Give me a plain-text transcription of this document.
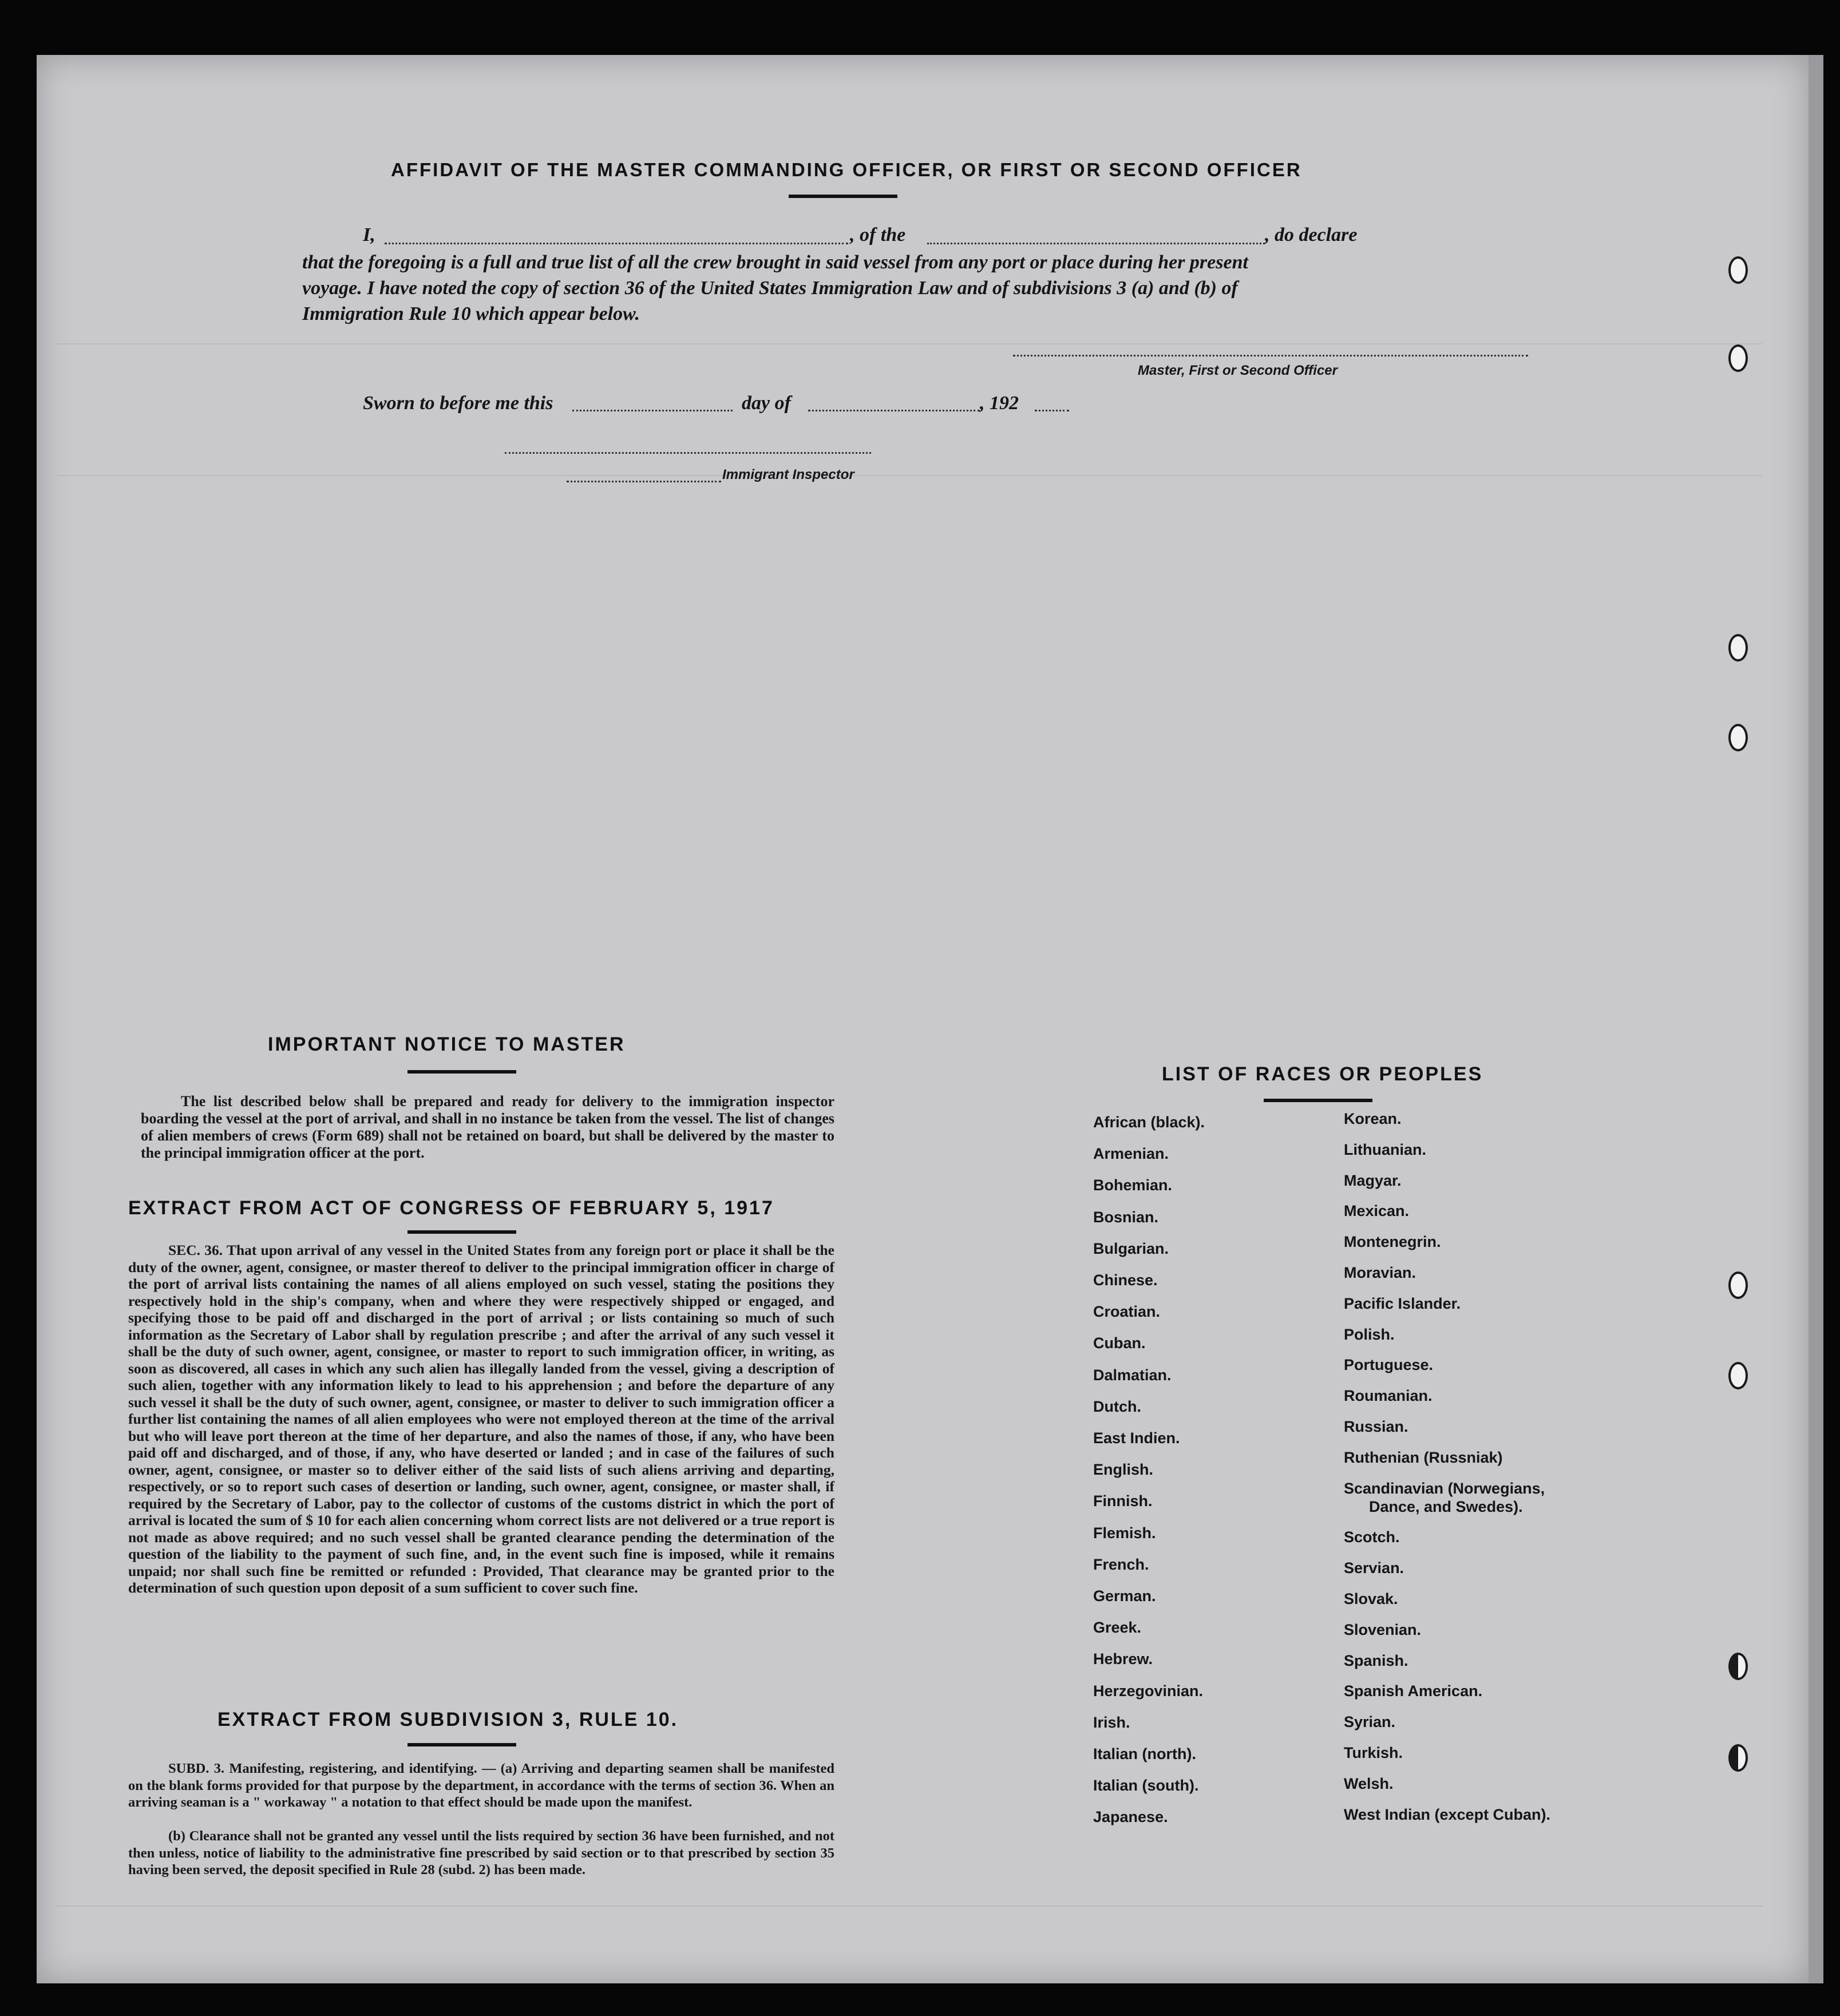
AFFIDAVIT OF THE MASTER COMMANDING OFFICER, OR FIRST OR SECOND OFFICER
I,	, of the	, do declare
that the foregoing is a full and true list of all the crew brought in said vessel from any port or place during her present
voyage. I have noted the copy of section 36 of the United States Immigration Law and of subdivisions 3 (a) and (b) of
Immigration Rule 10 which appear below.
Master, First or Second Officer
Sworn to before me this	day of	, 192
Immigrant Inspector
IMPORTANT NOTICE TO MASTER
The list described below shall be prepared and ready for delivery to the immigration inspector boarding the vessel at the port of arrival, and shall in no instance be taken from the vessel. The list of changes of alien members of crews (Form 689) shall not be retained on board, but shall be delivered by the master to the principal immigration officer at the port.
EXTRACT FROM ACT OF CONGRESS OF FEBRUARY 5, 1917
SEC. 36. That upon arrival of any vessel in the United States from any foreign port or place it shall be the duty of the owner, agent, consignee, or master thereof to deliver to the principal immigration officer in charge of the port of arrival lists containing the names of all aliens employed on such vessel, stating the positions they respectively hold in the ship's company, when and where they were respectively shipped or engaged, and specifying those to be paid off and discharged in the port of arrival ; or lists containing so much of such information as the Secretary of Labor shall by regulation prescribe ; and after the arrival of any such vessel it shall be the duty of such owner, agent, consignee, or master to report to such immigration officer, in writing, as soon as discovered, all cases in which any such alien has illegally landed from the vessel, giving a description of such alien, together with any information likely to lead to his apprehension ; and before the departure of any such vessel it shall be the duty of such owner, agent, consignee, or master to deliver to such immigration officer a further list containing the names of all alien employees who were not employed thereon at the time of the arrival but who will leave port thereon at the time of her departure, and also the names of those, if any, who have been paid off and discharged, and of those, if any, who have deserted or landed ; and in case of the failures of such owner, agent, consignee, or master so to deliver either of the said lists of such aliens arriving and departing, respectively, or so to report such cases of desertion or landing, such owner, agent, consignee, or master shall, if required by the Secretary of Labor, pay to the collector of customs of the customs district in which the port of arrival is located the sum of $ 10 for each alien concerning whom correct lists are not delivered or a true report is not made as above required; and no such vessel shall be granted clearance pending the determination of the question of the liability to the payment of such fine, and, in the event such fine is imposed, while it remains unpaid; nor shall such fine be remitted or refunded : Provided, That clearance may be granted prior to the determination of such question upon deposit of a sum sufficient to cover such fine.
EXTRACT FROM SUBDIVISION 3, RULE 10.
SUBD. 3. Manifesting, registering, and identifying. — (a) Arriving and departing seamen shall be manifested on the blank forms provided for that purpose by the department, in accordance with the terms of section 36. When an arriving seaman is a " workaway " a notation to that effect should be made upon the manifest.
(b) Clearance shall not be granted any vessel until the lists required by section 36 have been furnished, and not then unless, notice of liability to the administrative fine prescribed by said section or to that prescribed by section 35 having been served, the deposit specified in Rule 28 (subd. 2) has been made.
LIST OF RACES OR PEOPLES
African (black).
Armenian.
Bohemian.
Bosnian.
Bulgarian.
Chinese.
Croatian.
Cuban.
Dalmatian.
Dutch.
East Indien.
English.
Finnish.
Flemish.
French.
German.
Greek.
Hebrew.
Herzegovinian.
Irish.
Italian (north).
Italian (south).
Japanese.
Korean.
Lithuanian.
Magyar.
Mexican.
Montenegrin.
Moravian.
Pacific Islander.
Polish.
Portuguese.
Roumanian.
Russian.
Ruthenian (Russniak)
Scandinavian (Norwegians,
Dance, and Swedes).
Scotch.
Servian.
Slovak.
Slovenian.
Spanish.
Spanish American.
Syrian.
Turkish.
Welsh.
West Indian (except Cuban).
